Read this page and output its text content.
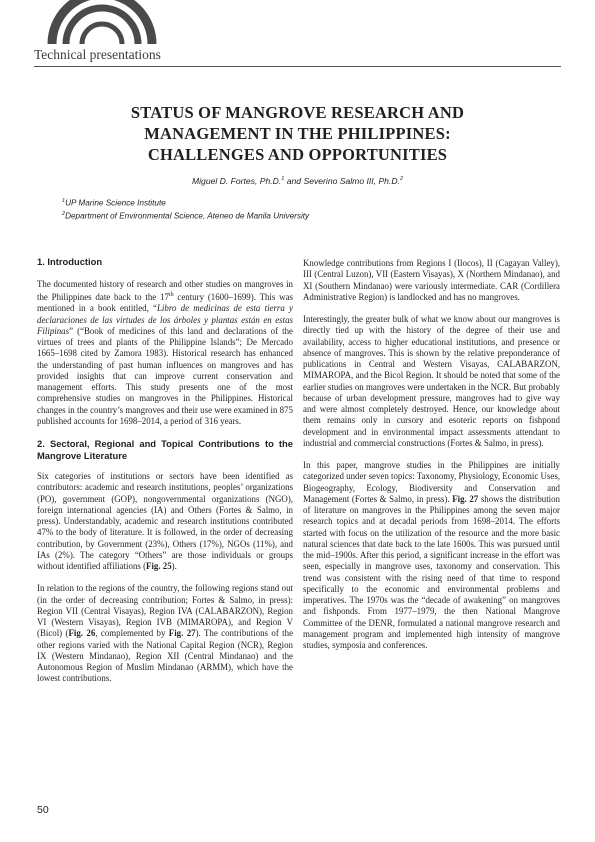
Technical presentations
STATUS OF MANGROVE RESEARCH AND
MANAGEMENT IN THE PHILIPPINES:
CHALLENGES AND OPPORTUNITIES
Miguel D. Fortes, Ph.D.$^1$ and Severino Salmo III, Ph.D.$^2$
$^1$UP Marine Science Institute
$^2$Department of Environmental Science, Ateneo de Manila University
1. Introduction

The documented history of research and other studies on mangroves in the Philippines date back to the 17th century (1600–1699). This was mentioned in a book entitled, “Libro de medicinas de esta tierra y declaraciones de las virtudes de los árboles y plantas están en estas Filipinas” (“Book of medicines of this land and declarations of the virtues of trees and plants of the Philippine Islands”; De Mercado 1665–1698 cited by Zamora 1983). Historical research has enhanced the understanding of past human influences on mangroves and has provided insights that can improve current conservation and management efforts. This study presents one of the most comprehensive studies on mangroves in the Philippines. Historical changes in the country’s mangroves and their use were examined in 875 published accounts for 1698–2014, a period of 316 years.

2. Sectoral, Regional and Topical Contributions to the Mangrove Literature

Six categories of institutions or sectors have been identified as contributors: academic and research institutions, peoples’ organizations (PO), government (GOP), nongovernmental organizations (NGO), foreign international agencies (IA) and Others (Fortes & Salmo, in press). Understandably, academic and research institutions contributed 47% to the body of literature. It is followed, in the order of decreasing contribution, by Government (23%), Others (17%), NGOs (11%), and IAs (2%). The category “Others” are those individuals or groups without identified affiliations (Fig. 25).

In relation to the regions of the country, the following regions stand out (in the order of decreasing contribution; Fortes & Salmo, in press): Region VII (Central Visayas), Region IVA (CALABARZON), Region VI (Western Visayas), Region IVB (MIMAROPA), and Region V (Bicol) (Fig. 26, complemented by Fig. 27). The contributions of the other regions varied with the National Capital Region (NCR), Region IX (Western Mindanao), Region XII (Central Mindanao) and the Autonomous Region of Muslim Mindanao (ARMM), which have the lowest contributions.

Knowledge contributions from Regions I (Ilocos), II (Cagayan Valley), III (Central Luzon), VII (Eastern Visayas), X (Northern Mindanao), and XI (Southern Mindanao) were variously intermediate. CAR (Cordillera Administrative Region) is landlocked and has no mangroves.

Interestingly, the greater bulk of what we know about our mangroves is directly tied up with the history of the degree of their use and availability, access to higher educational institutions, and presence or absence of mangroves. This is shown by the relative preponderance of publications in Central and Western Visayas, CALABARZON, MIMAROPA, and the Bicol Region. It should be noted that some of the earlier studies on mangroves were undertaken in the NCR. But probably because of urban development pressure, mangroves had to give way and were almost completely destroyed. Hence, our knowledge about them remains only in cursory and esoteric reports on fishpond development and in environmental impact assessments attendant to industrial and commercial constructions (Fortes & Salmo, in press).

In this paper, mangrove studies in the Philippines are initially categorized under seven topics: Taxonomy, Physiology, Economic Uses, Biogeography, Ecology, Biodiversity and Conservation and Management (Fortes & Salmo, in press). Fig. 27 shows the distribution of literature on mangroves in the Philippines among the seven major research topics and at decadal periods from 1698–2014. The efforts started with focus on the utilization of the resource and the more basic natural sciences that date back to the late 1600s. This was pursued until the mid–1900s. After this period, a significant increase in the effort was seen, especially in mangrove uses, taxonomy and conservation. This trend was consistent with the rising need of that time to respond specifically to the economic and environmental problems and imperatives. The 1970s was the “decade of awakening” on mangroves and fishponds. From 1977–1979, the then National Mangrove Committee of the DENR, formulated a national mangrove research and management program and implemented high intensity of mangrove studies, symposia and conferences.

50
